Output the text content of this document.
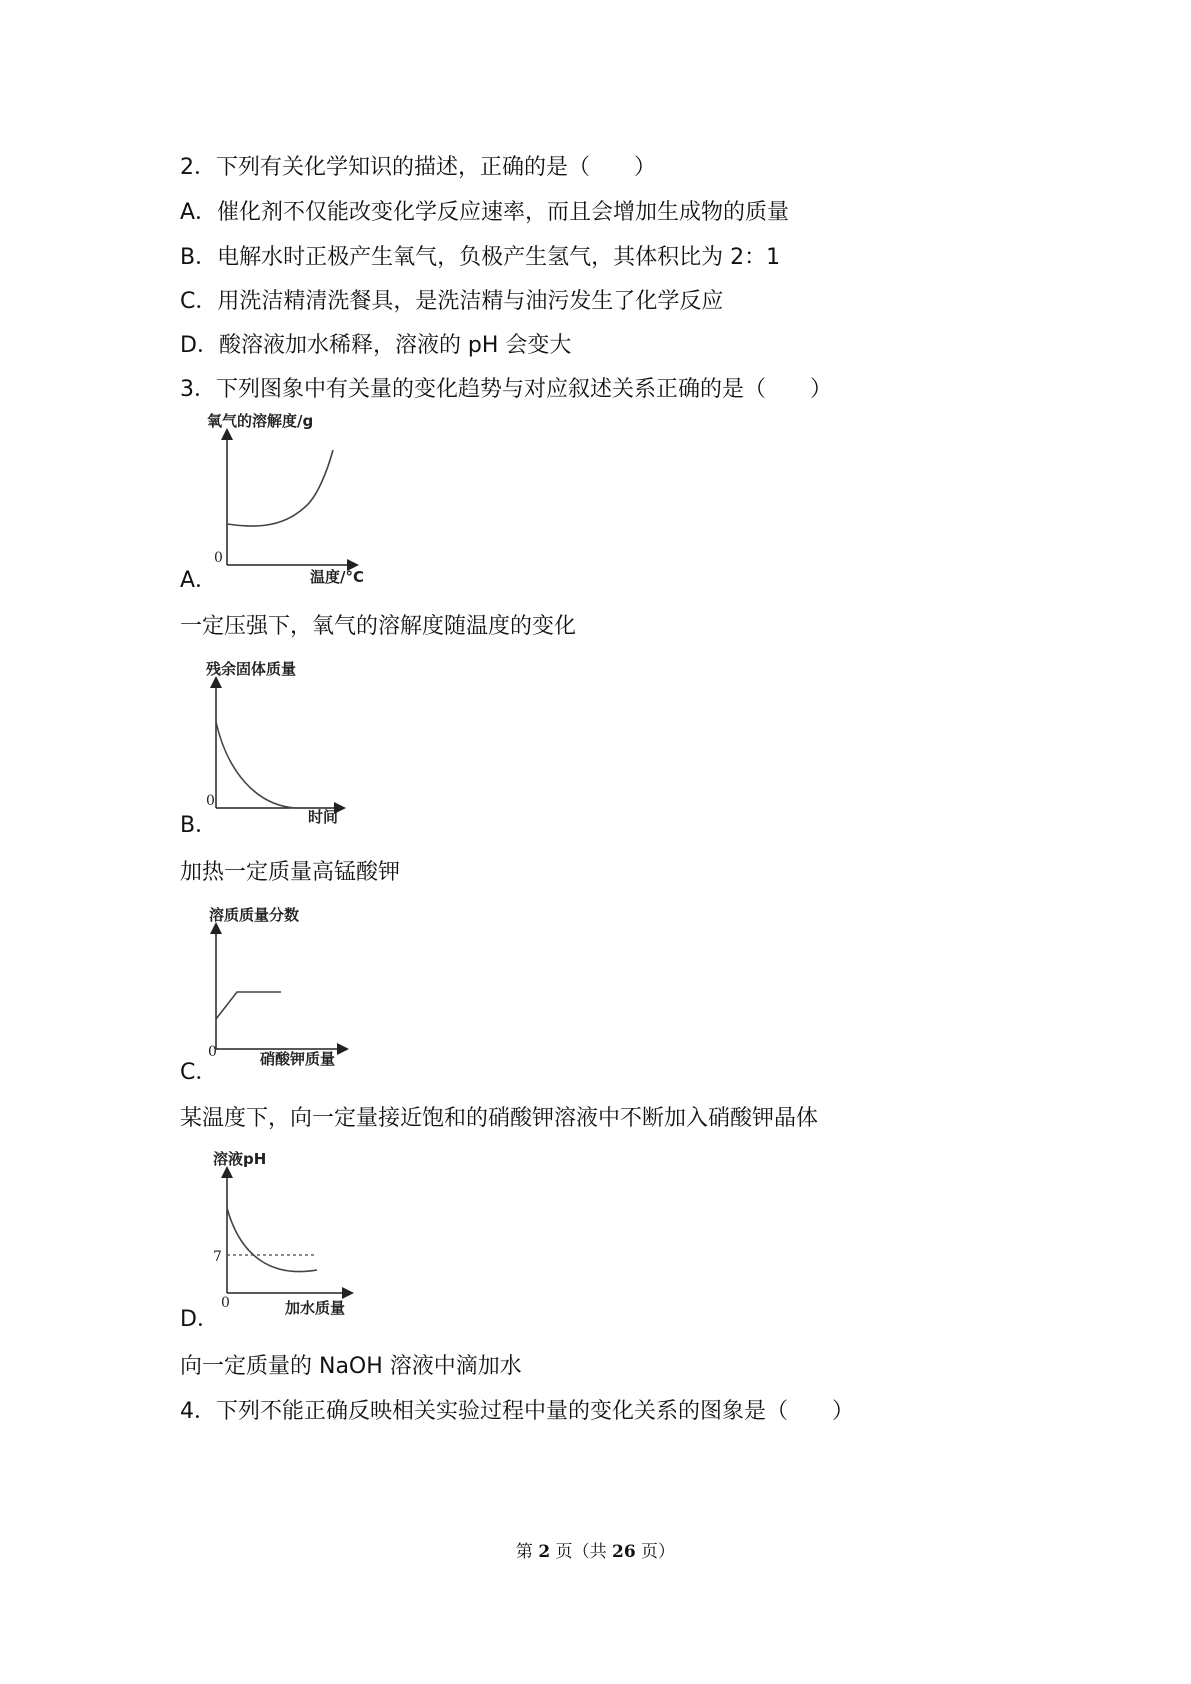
2．下列有关化学知识的描述，正确的是（　　）
A．催化剂不仅能改变化学反应速率，而且会增加生成物的质量
B．电解水时正极产生氧气，负极产生氢气，其体积比为 2：1
C．用洗洁精清洗餐具，是洗洁精与油污发生了化学反应
D．酸溶液加水稀释，溶液的 pH 会变大
3．下列图象中有关量的变化趋势与对应叙述关系正确的是（　　）
氧气的溶解度/g
0
温度/°C
A．
一定压强下，氧气的溶解度随温度的变化
残余固体质量
0
时间
B．
加热一定质量高锰酸钾
溶质质量分数
0	硝酸钾质量
C．
某温度下，向一定量接近饱和的硝酸钾溶液中不断加入硝酸钾晶体
溶液pH
7
0	加水质量
D．
向一定质量的 NaOH 溶液中滴加水
4．下列不能正确反映相关实验过程中量的变化关系的图象是（　　）
第 2 页（共 26 页）
